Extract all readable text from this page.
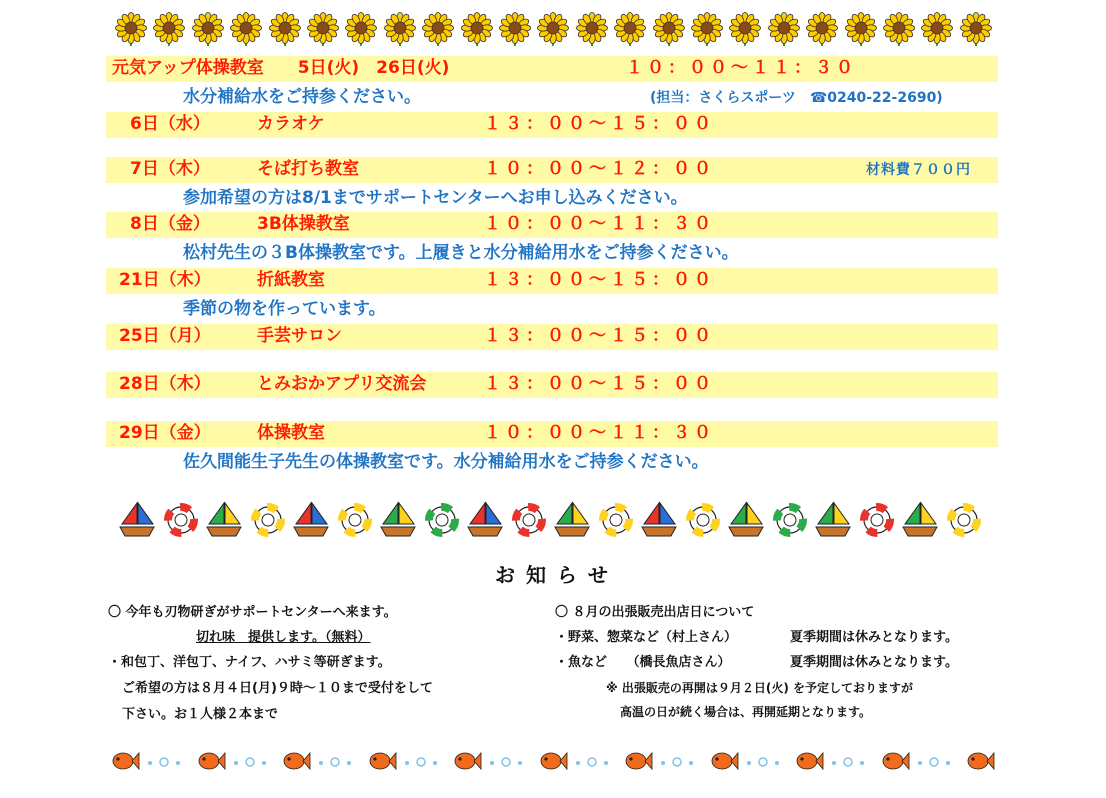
元気アップ体操教室　　5日(火)　26日(火)	１０：００～１１：３０
水分補給水をご持参ください。	(担当：さくらスポーツ　☎0240-22-2690)
6日（水）	カラオケ	１３：００～１５：００
7日（木）	そば打ち教室	１０：００～１２：００	材料費７００円
参加希望の方は8/1までサポートセンターへお申し込みください。
8日（金）	3B体操教室	１０：００～１１：３０
松村先生の３B体操教室です。上履きと水分補給用水をご持参ください。
21日（木）	折紙教室	１３：００～１５：００
季節の物を作っています。
25日（月）	手芸サロン	１３：００～１５：００
28日（木）	とみおかアプリ交流会	１３：００～１５：００
29日（金）	体操教室	１０：００～１１：３０
佐久間能生子先生の体操教室です。水分補給用水をご持参ください。
お 知 ら せ
〇 今年も刃物研ぎがサポートセンターへ来ます。
切れ味　提供します。（無料）
・和包丁、洋包丁、ナイフ、ハサミ等研ぎます。
ご希望の方は８月４日(月)９時～１０まで受付をして
下さい。お１人様２本まで
〇 ８月の出張販売出店日について
・野菜、惣菜など（村上さん）	夏季期間は休みとなります。
・魚など　　（橋長魚店さん）	夏季期間は休みとなります。
※ 出張販売の再開は９月２日(火) を予定しておりますが
高温の日が続く場合は、再開延期となります。
